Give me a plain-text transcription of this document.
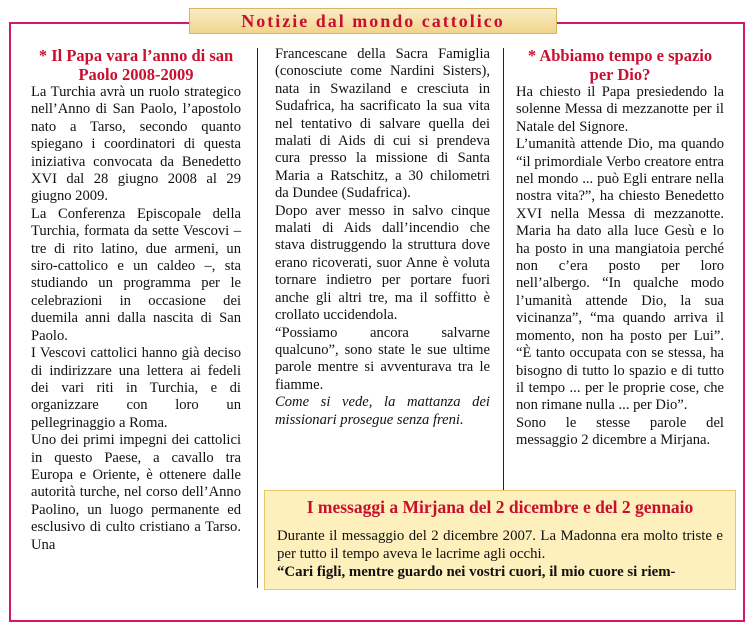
Notizie dal mondo cattolico

* Il Papa vara l’anno di san Paolo 2008-2009

La Turchia avrà un ruolo strategico nell’Anno di San Paolo, l’apostolo nato a Tarso, secondo quanto spiegano i coordinatori di questa iniziativa convocata da Benedetto XVI dal 28 giugno 2008 al 29 giugno 2009.

La Conferenza Episcopale della Turchia, formata da sette Vescovi – tre di rito latino, due armeni, un siro-cattolico e un caldeo –, sta studiando un programma per le celebrazioni in occasione dei duemila anni dalla nascita di San Paolo.

I Vescovi cattolici hanno già deciso di indirizzare una lettera ai fedeli dei vari riti in Turchia, e di organizzare con loro un pellegrinaggio a Roma.

Uno dei primi impegni dei cattolici in questo Paese, a cavallo tra Europa e Oriente, è ottenere dalle autorità turche, nel corso dell’Anno Paolino, un luogo permanente ed esclusivo di culto cristiano a Tarso. Una

Francescane della Sacra Famiglia (conosciute come Nardini Sisters), nata in Swaziland e cresciuta in Sudafrica, ha sacrificato la sua vita nel tentativo di salvare quella dei malati di Aids di cui si prendeva cura presso la missione di Santa Maria a Ratschitz, a 30 chilometri da Dundee (Sudafrica).

Dopo aver messo in salvo cinque malati di Aids dall’incendio che stava distruggendo la struttura dove erano ricoverati, suor Anne è voluta tornare indietro per portare fuori anche gli altri tre, ma il soffitto è crollato uccidendola.

“Possiamo ancora salvarne qualcuno”, sono state le sue ultime parole mentre si avventurava tra le fiamme.

Come si vede, la mattanza dei missionari prosegue senza freni.

* Abbiamo tempo e spazio per Dio?

Ha chiesto il Papa presiedendo la solenne Messa di mezzanotte per il Natale del Signore.

L’umanità attende Dio, ma quando “il primordiale Verbo creatore entra nel mondo ... può Egli entrare nella nostra vita?”, ha chiesto Benedetto XVI nella Messa di mezzanotte. Maria ha dato alla luce Gesù e lo ha posto in una mangiatoia perché non c’era posto per loro nell’albergo. “In qualche modo l’umanità attende Dio, la sua vicinanza”, “ma quando arriva il momento, non ha posto per Lui”. “È tanto occupata con se stessa, ha bisogno di tutto lo spazio e di tutto il tempo ... per le proprie cose, che non rimane nulla ... per Dio”.

Sono le stesse parole del messaggio 2 dicembre a Mirjana.

I messaggi a Mirjana del 2 dicembre e del 2 gennaio

Durante il messaggio del 2 dicembre 2007. La Madonna era molto triste e per tutto il tempo aveva le lacrime agli occhi.

“Cari figli, mentre guardo nei vostri cuori, il mio cuore si riem-
